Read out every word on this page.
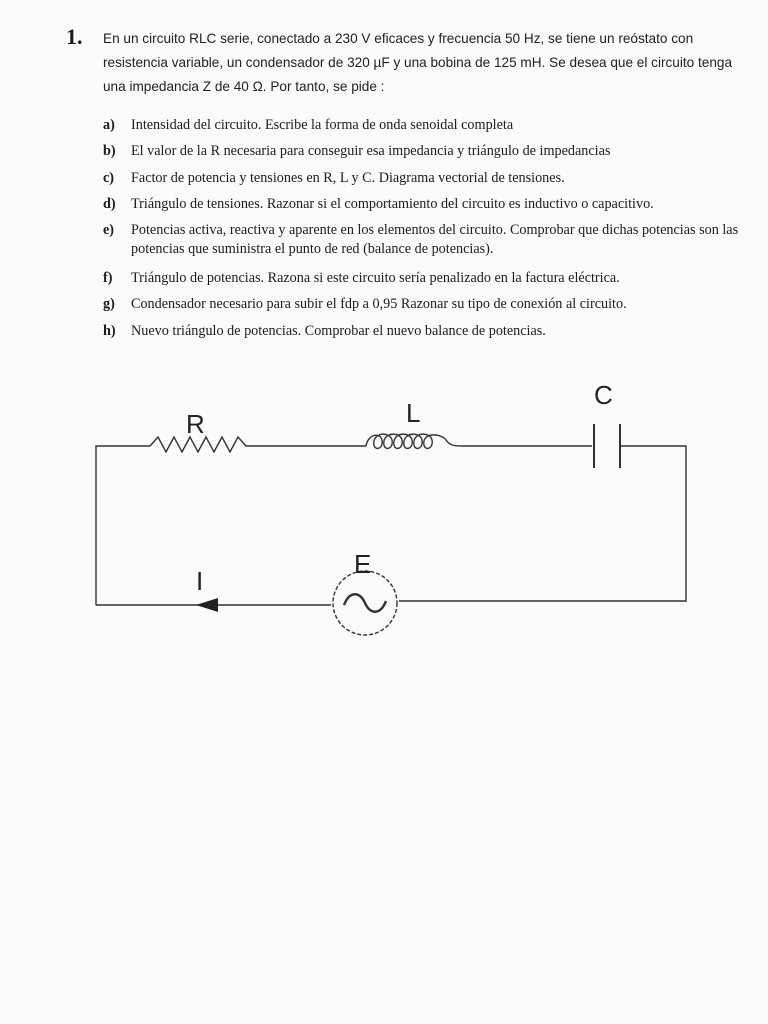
1. En un circuito RLC serie, conectado a 230 V eficaces y frecuencia 50 Hz, se tiene un reóstato con resistencia variable, un condensador de 320 µF y una bobina de 125 mH. Se desea que el circuito tenga una impedancia Z de 40 Ω. Por tanto, se pide :
a) Intensidad del circuito. Escribe la forma de onda senoidal completa
b) El valor de la R necesaria para conseguir esa impedancia y triángulo de impedancias
c) Factor de potencia y tensiones en R, L y C. Diagrama vectorial de tensiones.
d) Triángulo de tensiones. Razonar si el comportamiento del circuito es inductivo o capacitivo.
e) Potencias activa, reactiva y aparente en los elementos del circuito. Comprobar que dichas potencias son las potencias que suministra el punto de red (balance de potencias).
f) Triángulo de potencias. Razona si este circuito sería penalizado en la factura eléctrica.
g) Condensador necesario para subir el fdp a 0,95 Razonar su tipo de conexión al circuito.
h) Nuevo triángulo de potencias. Comprobar el nuevo balance de potencias.
R	L
C
E
I
